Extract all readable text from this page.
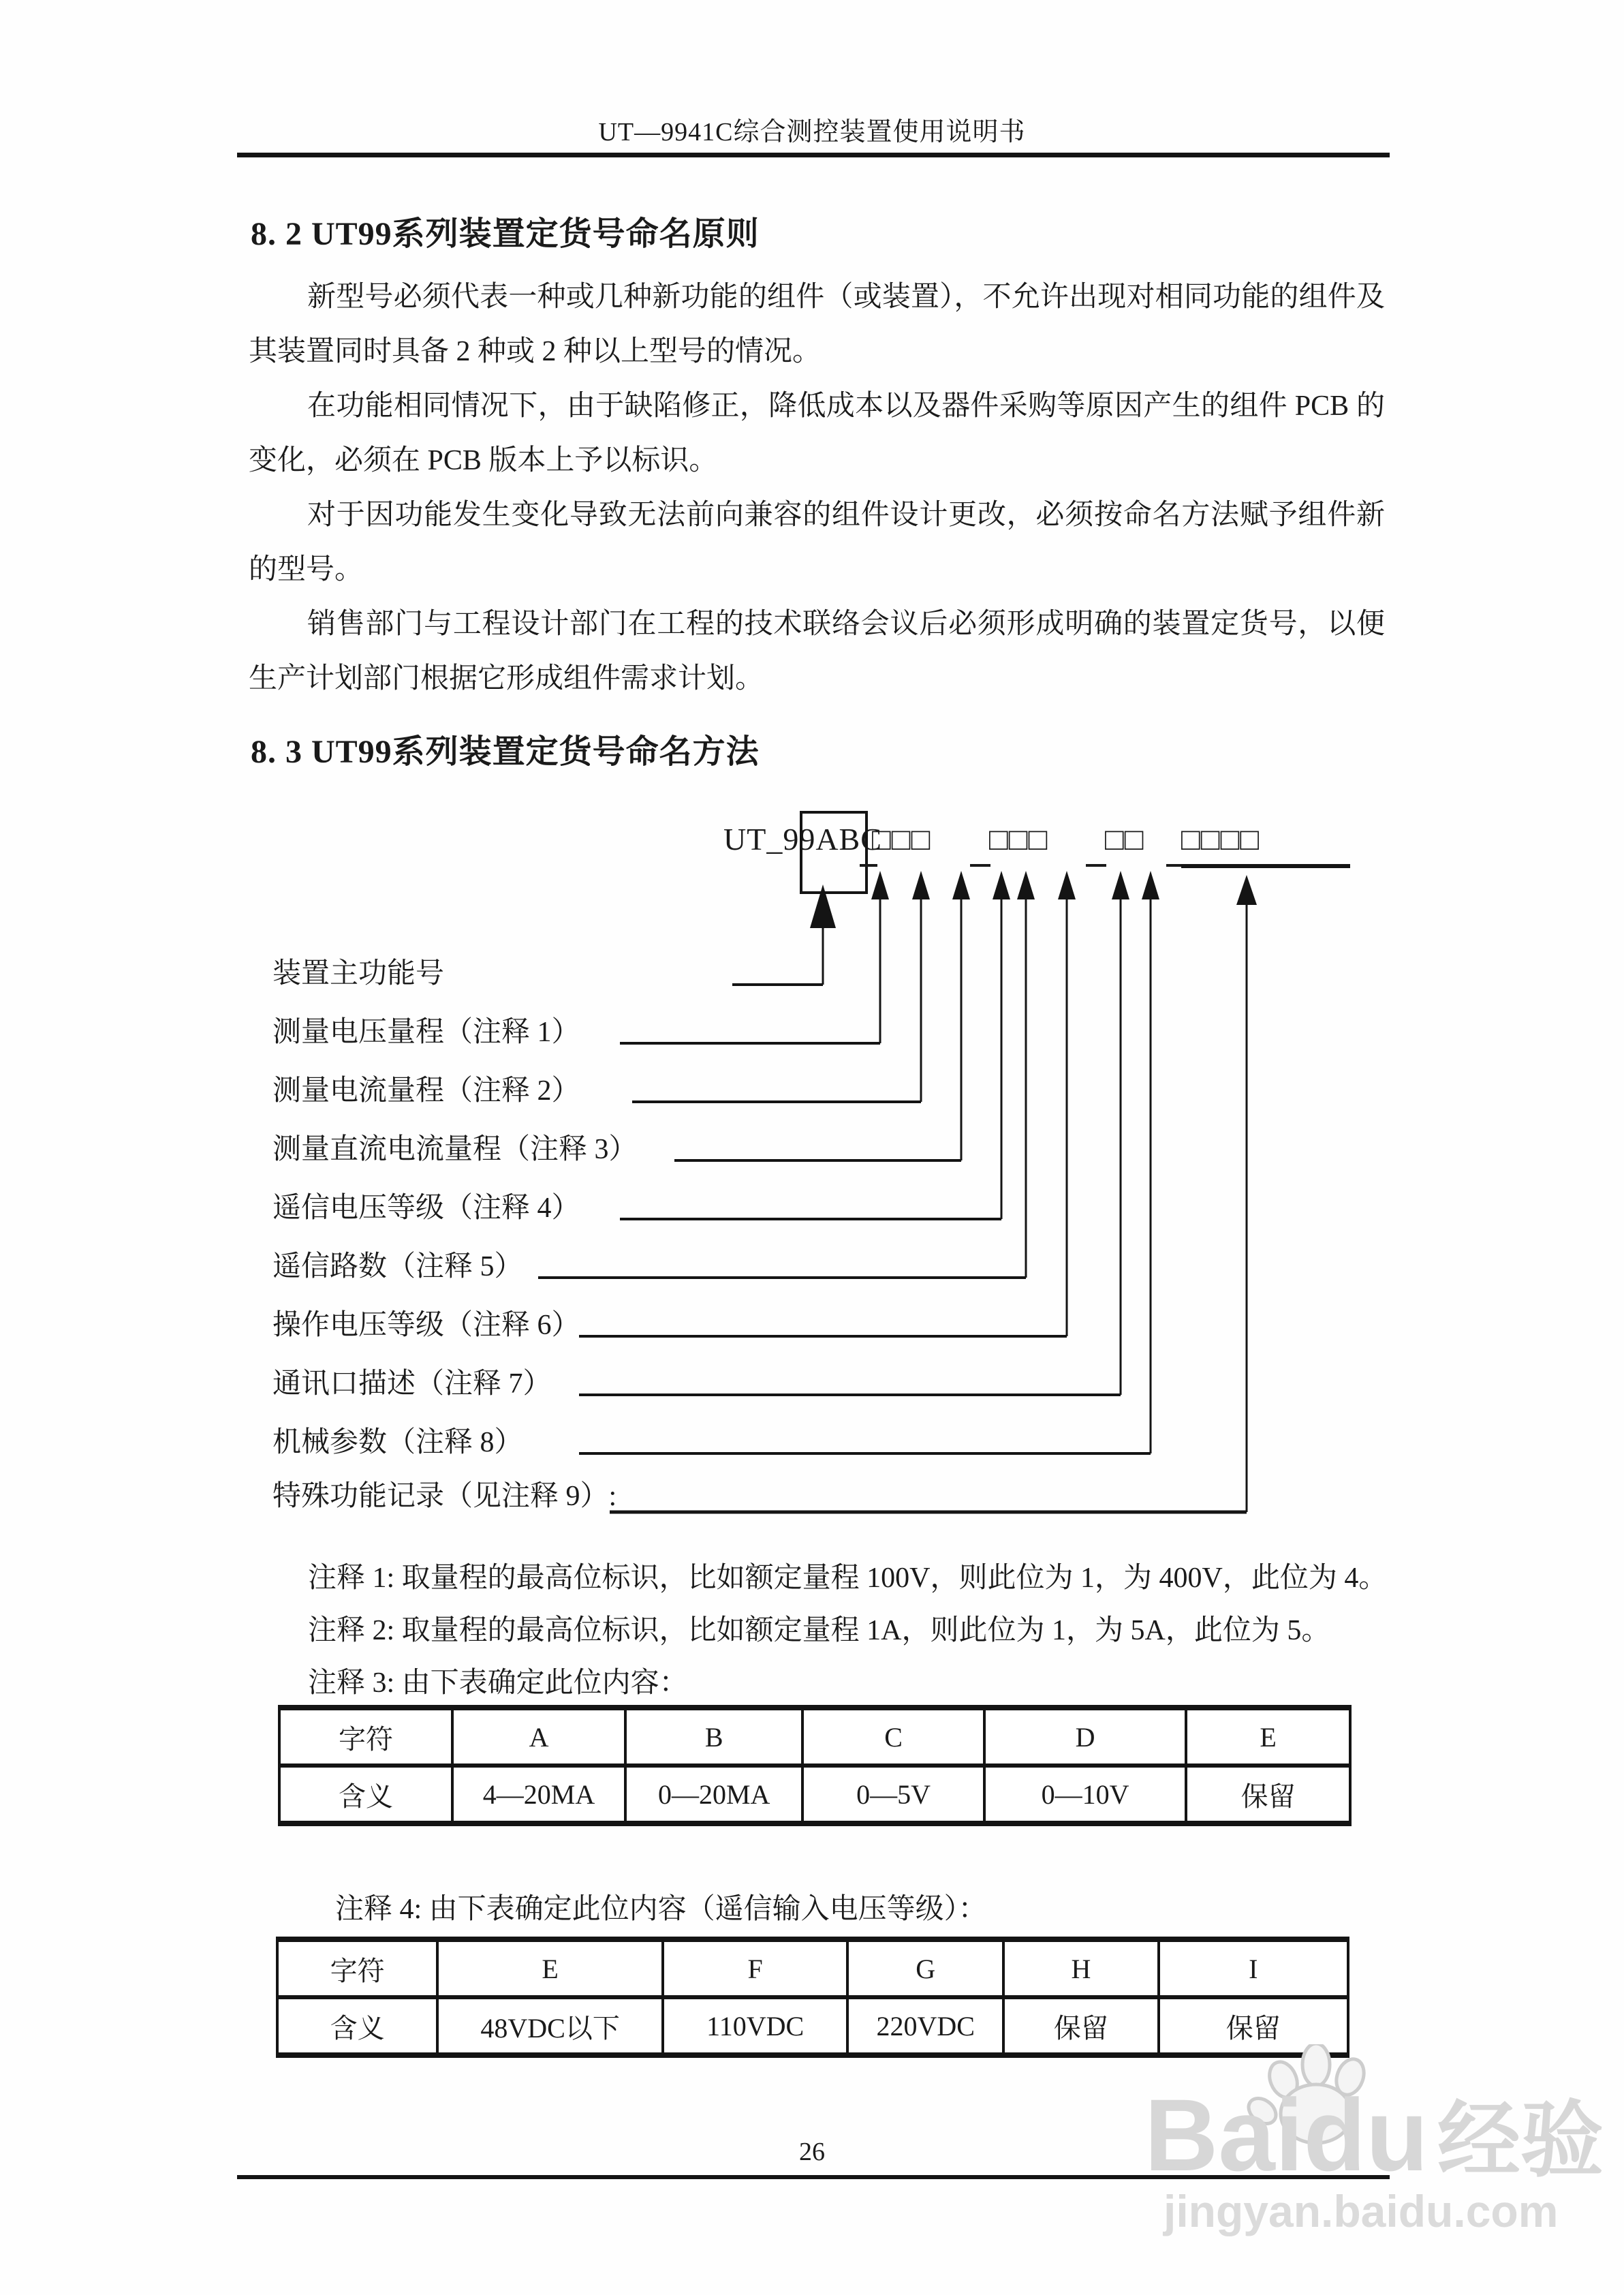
UT—9941C综合测控装置使用说明书
8. 2 UT99系列装置定货号命名原则

新型号必须代表一种或几种新功能的组件（或装置），不允许出现对相同功能的组件及其装置同时具备 2 种或 2 种以上型号的情况。

在功能相同情况下，由于缺陷修正，降低成本以及器件采购等原因产生的组件 PCB 的变化，必须在 PCB 版本上予以标识。

对于因功能发生变化导致无法前向兼容的组件设计更改，必须按命名方法赋予组件新的型号。

销售部门与工程设计部门在工程的技术联络会议后必须形成明确的装置定货号，以便生产计划部门根据它形成组件需求计划。

8. 3 UT99系列装置定货号命名方法
UT_99ABC
□□□ □□□ □□ □□□□
装置主功能号
测量电压量程（注释 1）
测量电流量程（注释 2）
测量直流电流量程（注释 3）
遥信电压等级（注释 4）
遥信路数（注释 5）
操作电压等级（注释 6）
通讯口描述（注释 7）
机械参数（注释 8）
特殊功能记录（见注释 9）:
注释 1: 取量程的最高位标识，比如额定量程 100V，则此位为 1，为 400V，此位为 4。
注释 2: 取量程的最高位标识，比如额定量程 1A，则此位为 1，为 5A，此位为 5。
注释 3: 由下表确定此位内容：
字符	A	B	C	D	E
含义	4—20MA	0—20MA	0—5V	0—10V	保留
注释 4: 由下表确定此位内容（遥信输入电压等级）：
字符	E	F	G	H	I
含义	48VDC以下	110VDC	220VDC	保留	保留
26	Baidu 经验
jingyan.baidu.com
